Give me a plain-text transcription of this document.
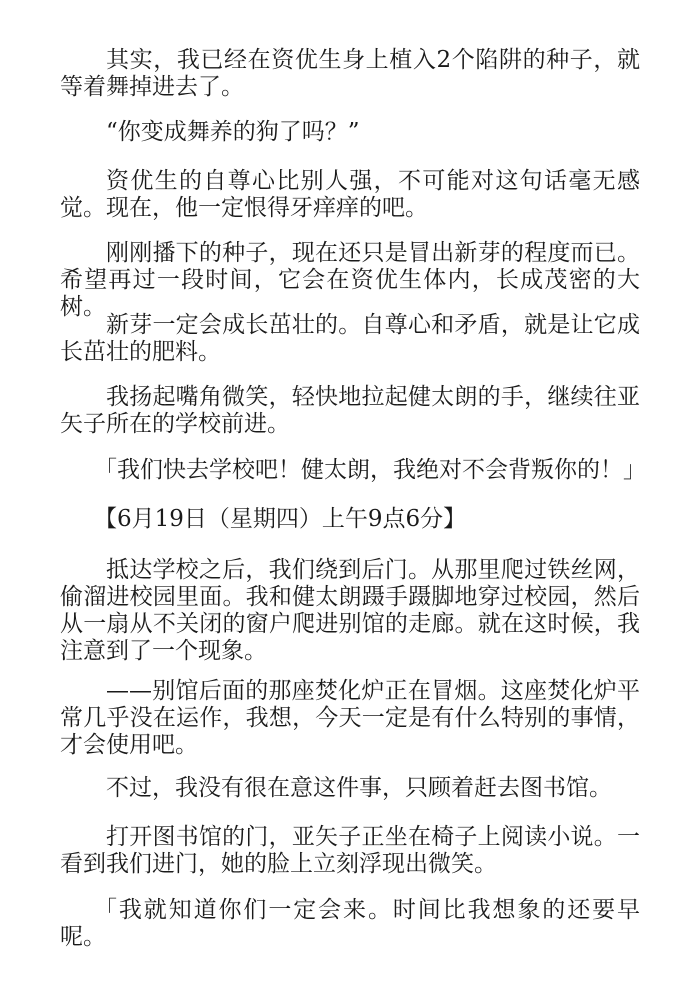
其实，我已经在资优生身上植入2个陷阱的种子，就等着舞掉进去了。

“你变成舞养的狗了吗？”

资优生的自尊心比别人强，不可能对这句话毫无感觉。现在，他一定恨得牙痒痒的吧。

刚刚播下的种子，现在还只是冒出新芽的程度而已。希望再过一段时间，它会在资优生体内，长成茂密的大树。

新芽一定会成长茁壮的。自尊心和矛盾，就是让它成长茁壮的肥料。

我扬起嘴角微笑，轻快地拉起健太朗的手，继续往亚矢子所在的学校前进。

「我们快去学校吧！健太朗，我绝对不会背叛你的！」

【6月19日（星期四）上午9点6分】

抵达学校之后，我们绕到后门。从那里爬过铁丝网，偷溜进校园里面。我和健太朗蹑手蹑脚地穿过校园，然后从一扇从不关闭的窗户爬进别馆的走廊。就在这时候，我注意到了一个现象。

——别馆后面的那座焚化炉正在冒烟。这座焚化炉平常几乎没在运作，我想，今天一定是有什么特别的事情，才会使用吧。

不过，我没有很在意这件事，只顾着赶去图书馆。

打开图书馆的门，亚矢子正坐在椅子上阅读小说。一看到我们进门，她的脸上立刻浮现出微笑。

「我就知道你们一定会来。时间比我想象的还要早呢。
